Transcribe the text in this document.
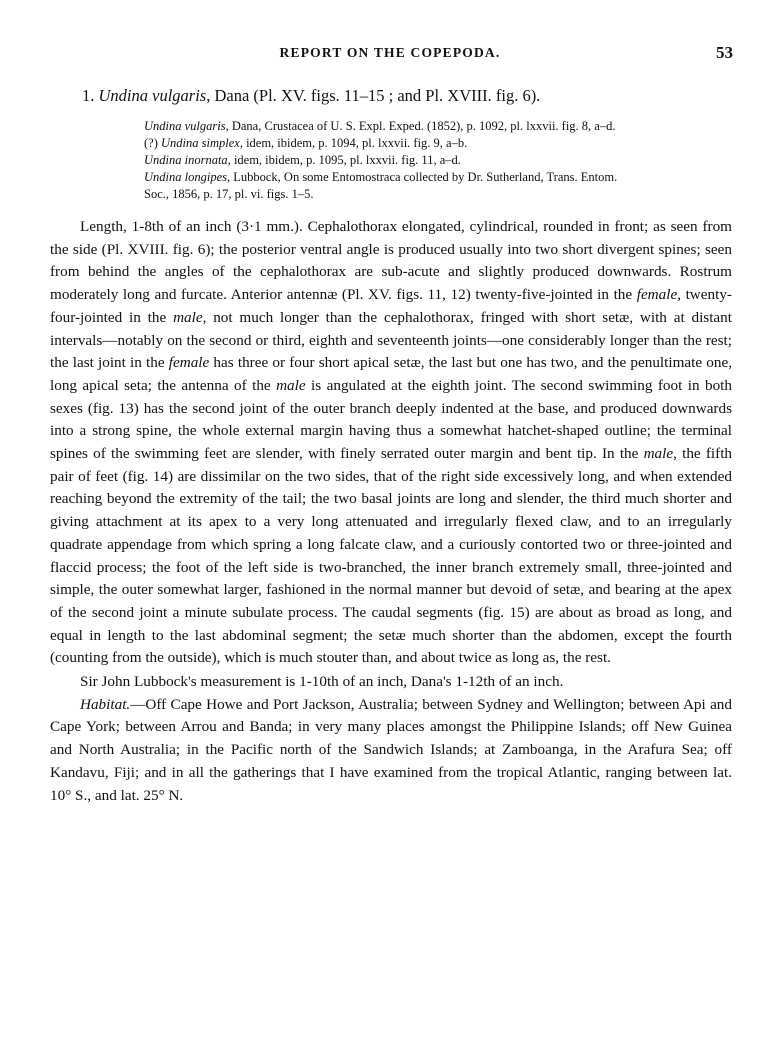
REPORT ON THE COPEPODA.	53
1. Undina vulgaris, Dana (Pl. XV. figs. 11–15 ; and Pl. XVIII. fig. 6).
Undina vulgaris, Dana, Crustacea of U. S. Expl. Exped. (1852), p. 1092, pl. lxxvii. fig. 8, a–d.
(?) Undina simplex, idem, ibidem, p. 1094, pl. lxxvii. fig. 9, a–b.
Undina inornata, idem, ibidem, p. 1095, pl. lxxvii. fig. 11, a–d.
Undina longipes, Lubbock, On some Entomostraca collected by Dr. Sutherland, Trans. Entom.
Soc., 1856, p. 17, pl. vi. figs. 1–5.

Length, 1-8th of an inch (3·1 mm.). Cephalothorax elongated, cylindrical, rounded in front; as seen from the side (Pl. XVIII. fig. 6); the posterior ventral angle is produced usually into two short divergent spines; seen from behind the angles of the cephalothorax are sub-acute and slightly produced downwards. Rostrum moderately long and furcate. Anterior antennæ (Pl. XV. figs. 11, 12) twenty-five-jointed in the female, twenty-four-jointed in the male, not much longer than the cephalothorax, fringed with short setæ, with at distant intervals—notably on the second or third, eighth and seventeenth joints—one considerably longer than the rest; the last joint in the female has three or four short apical setæ, the last but one has two, and the penultimate one, long apical seta; the antenna of the male is angulated at the eighth joint. The second swimming foot in both sexes (fig. 13) has the second joint of the outer branch deeply indented at the base, and produced downwards into a strong spine, the whole external margin having thus a somewhat hatchet-shaped outline; the terminal spines of the swimming feet are slender, with finely serrated outer margin and bent tip. In the male, the fifth pair of feet (fig. 14) are dissimilar on the two sides, that of the right side excessively long, and when extended reaching beyond the extremity of the tail; the two basal joints are long and slender, the third much shorter and giving attachment at its apex to a very long attenuated and irregularly flexed claw, and to an irregularly quadrate appendage from which spring a long falcate claw, and a curiously contorted two or three-jointed and flaccid process; the foot of the left side is two-branched, the inner branch extremely small, three-jointed and simple, the outer somewhat larger, fashioned in the normal manner but devoid of setæ, and bearing at the apex of the second joint a minute subulate process. The caudal segments (fig. 15) are about as broad as long, and equal in length to the last abdominal segment; the setæ much shorter than the abdomen, except the fourth (counting from the outside), which is much stouter than, and about twice as long as, the rest.

Sir John Lubbock's measurement is 1-10th of an inch, Dana's 1-12th of an inch.

Habitat.—Off Cape Howe and Port Jackson, Australia; between Sydney and Wellington; between Api and Cape York; between Arrou and Banda; in very many places amongst the Philippine Islands; off New Guinea and North Australia; in the Pacific north of the Sandwich Islands; at Zamboanga, in the Arafura Sea; off Kandavu, Fiji; and in all the gatherings that I have examined from the tropical Atlantic, ranging between lat. 10° S., and lat. 25° N.
